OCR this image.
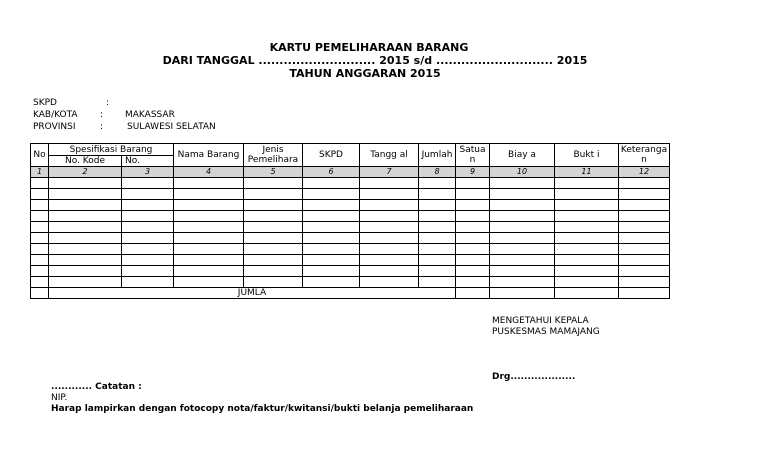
KARTU PEMELIHARAAN BARANG
DARI TANGGAL ............................ 2015 s/d ............................ 2015
TAHUN ANGGARAN 2015
SKPD	:
KAB/KOTA : MAKASSAR
PROVINSI	:	SULAWESI SELATAN
No	Spesifikasi Barang		Nama Barang	Jenis Pemelihara	SKPD	Tangg al	Jumlah	Satua n	Biay a	Bukt i	Keteranga n
	No. Kode	No.									
1	2	3	4	5	6	7	8	9	10	11	12

	JUMLA										
MENGETAHUI KEPALA
PUSKESMAS MAMAJANG
Drg...................
............ Catatan :
NIP.
Harap lampirkan dengan fotocopy nota/faktur/kwitansi/bukti belanja pemeliharaan
